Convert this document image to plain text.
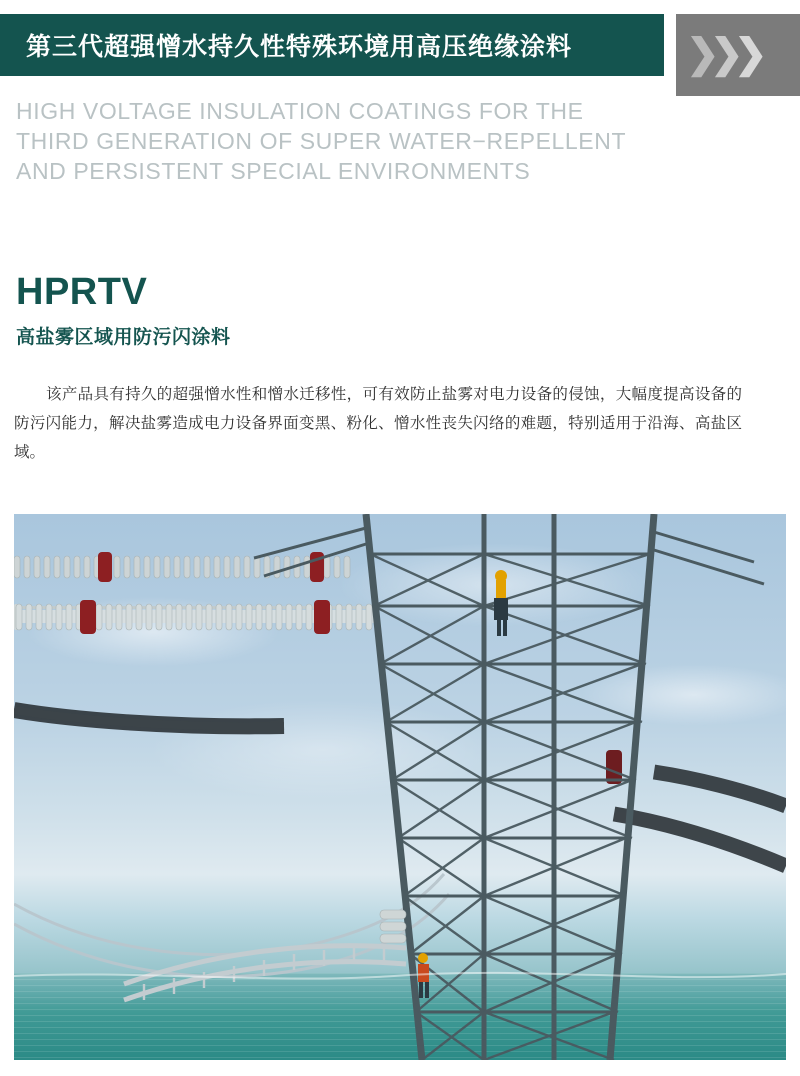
第三代超强憎水持久性特殊环境用高压绝缘涂料	❯
❯
❯
HIGH VOLTAGE INSULATION COATINGS FOR THE
THIRD GENERATION OF SUPER WATER−REPELLENT
AND PERSISTENT SPECIAL ENVIRONMENTS
HPRTV
高盐雾区域用防污闪涂料
该产品具有持久的超强憎水性和憎水迁移性，可有效防止盐雾对电力设备的侵蚀，大幅度提高设备的防污闪能力，解决盐雾造成电力设备界面变黑、粉化、憎水性丧失闪络的难题，特别适用于沿海、高盐区域。
